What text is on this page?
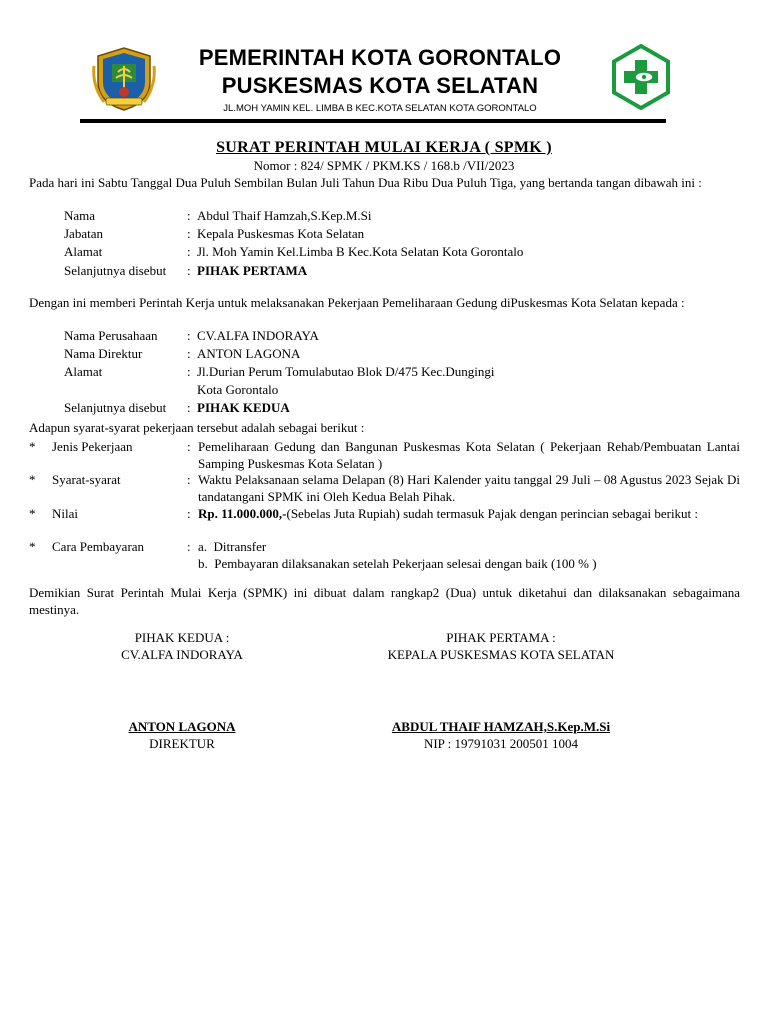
PEMERINTAH KOTA GORONTALO
PUSKESMAS KOTA SELATAN
JL.MOH YAMIN KEL. LIMBA B KEC.KOTA SELATAN KOTA GORONTALO
SURAT PERINTAH MULAI KERJA ( SPMK )
Nomor : 824/ SPMK / PKM.KS / 168.b /VII/2023
Pada hari ini Sabtu Tanggal Dua Puluh Sembilan Bulan Juli Tahun Dua Ribu Dua Puluh Tiga, yang bertanda tangan dibawah ini :
Nama	: Abdul Thaif Hamzah,S.Kep.M.Si
Jabatan	: Kepala Puskesmas Kota Selatan
Alamat	: Jl. Moh Yamin Kel.Limba B Kec.Kota Selatan Kota Gorontalo
Selanjutnya disebut : PIHAK PERTAMA
Dengan ini memberi Perintah Kerja untuk melaksanakan Pekerjaan Pemeliharaan Gedung diPuskesmas Kota Selatan kepada :
Nama Perusahaan : CV.ALFA INDORAYA
Nama Direktur	: ANTON LAGONA
Alamat	: Jl.Durian Perum Tomulabutao Blok D/475 Kec.Dungingi
Kota Gorontalo
Selanjutnya disebut : PIHAK KEDUA
Adapun syarat-syarat pekerjaan tersebut adalah sebagai berikut :
* Jenis Pekerjaan	: Pemeliharaan Gedung dan Bangunan Puskesmas Kota Selatan ( Pekerjaan Rehab/Pembuatan Lantai Samping Puskesmas Kota Selatan )
* Syarat-syarat	: Waktu Pelaksanaan selama Delapan (8) Hari Kalender yaitu tanggal 29 Juli – 08 Agustus 2023 Sejak Di tandatangani SPMK ini Oleh Kedua Belah Pihak.
* Nilai	: Rp. 11.000.000,-(Sebelas Juta Rupiah) sudah termasuk Pajak dengan perincian sebagai berikut :
* Cara Pembayaran	: a. Ditransfer
b. Pembayaran dilaksanakan setelah Pekerjaan selesai dengan baik (100 % )
Demikian Surat Perintah Mulai Kerja (SPMK) ini dibuat dalam rangkap2 (Dua) untuk diketahui dan dilaksanakan sebagaimana mestinya.
PIHAK KEDUA :
CV.ALFA INDORAYA
PIHAK PERTAMA :
KEPALA PUSKESMAS KOTA SELATAN
ANTON LAGONA
DIREKTUR
ABDUL THAIF HAMZAH,S.Kep.M.Si
NIP : 19791031 200501 1004
